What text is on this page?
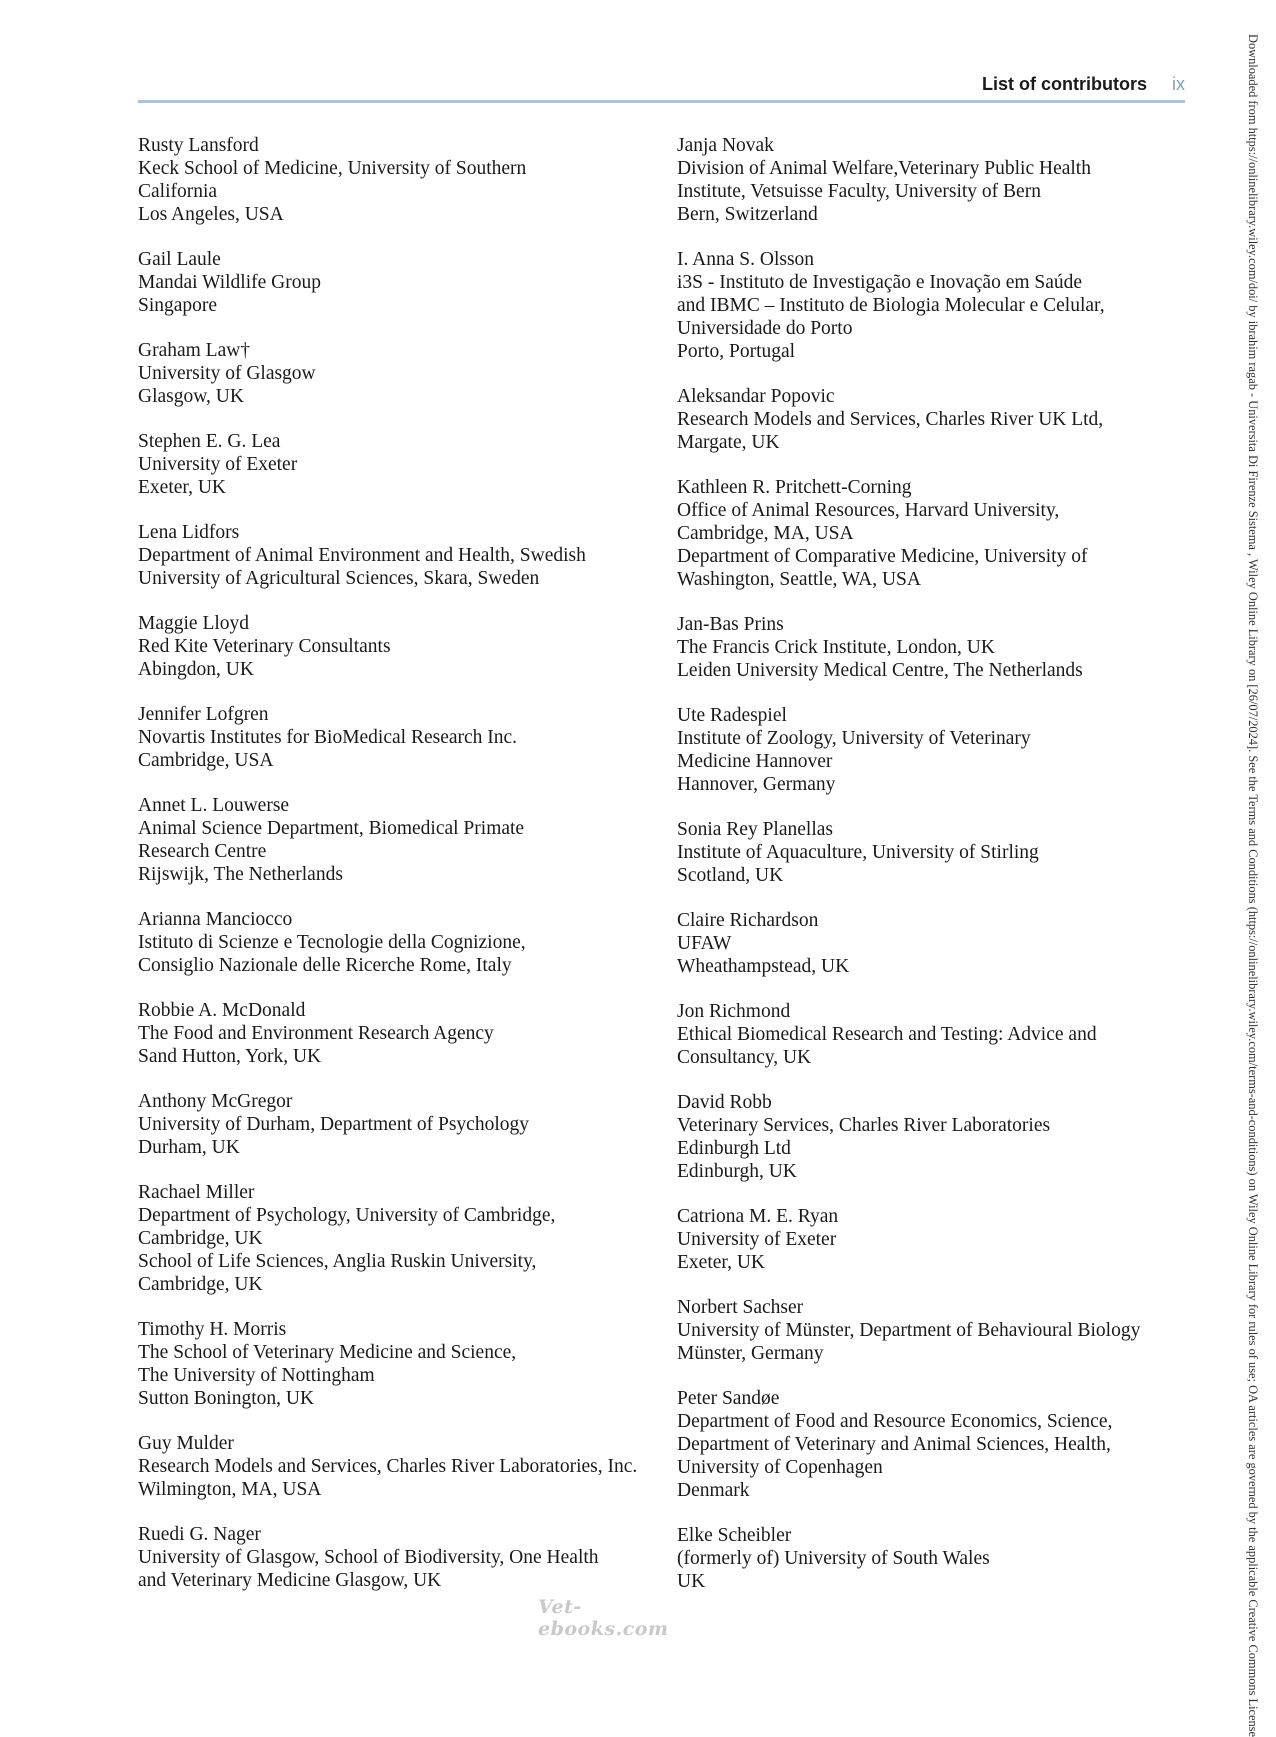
List of contributors ix
Rusty Lansford
Keck School of Medicine, University of Southern
California
Los Angeles, USA
Gail Laule
Mandai Wildlife Group
Singapore
Graham Law†
University of Glasgow
Glasgow, UK
Stephen E. G. Lea
University of Exeter
Exeter, UK
Lena Lidfors
Department of Animal Environment and Health, Swedish
University of Agricultural Sciences, Skara, Sweden
Maggie Lloyd
Red Kite Veterinary Consultants
Abingdon, UK
Jennifer Lofgren
Novartis Institutes for BioMedical Research Inc.
Cambridge, USA
Annet L. Louwerse
Animal Science Department, Biomedical Primate
Research Centre
Rijswijk, The Netherlands
Arianna Manciocco
Istituto di Scienze e Tecnologie della Cognizione,
Consiglio Nazionale delle Ricerche Rome, Italy
Robbie A. McDonald
The Food and Environment Research Agency
Sand Hutton, York, UK
Anthony McGregor
University of Durham, Department of Psychology
Durham, UK
Rachael Miller
Department of Psychology, University of Cambridge,
Cambridge, UK
School of Life Sciences, Anglia Ruskin University,
Cambridge, UK
Timothy H. Morris
The School of Veterinary Medicine and Science,
The University of Nottingham
Sutton Bonington, UK
Guy Mulder
Research Models and Services, Charles River Laboratories, Inc.
Wilmington, MA, USA
Ruedi G. Nager
University of Glasgow, School of Biodiversity, One Health
and Veterinary Medicine Glasgow, UK
Janja Novak
Division of Animal Welfare,Veterinary Public Health
Institute, Vetsuisse Faculty, University of Bern
Bern, Switzerland
I. Anna S. Olsson
i3S - Instituto de Investigação e Inovação em Saúde
and IBMC – Instituto de Biologia Molecular e Celular,
Universidade do Porto
Porto, Portugal
Aleksandar Popovic
Research Models and Services, Charles River UK Ltd,
Margate, UK
Kathleen R. Pritchett-Corning
Office of Animal Resources, Harvard University,
Cambridge, MA, USA
Department of Comparative Medicine, University of
Washington, Seattle, WA, USA
Jan-Bas Prins
The Francis Crick Institute, London, UK
Leiden University Medical Centre, The Netherlands
Ute Radespiel
Institute of Zoology, University of Veterinary
Medicine Hannover
Hannover, Germany
Sonia Rey Planellas
Institute of Aquaculture, University of Stirling
Scotland, UK
Claire Richardson
UFAW
Wheathampstead, UK
Jon Richmond
Ethical Biomedical Research and Testing: Advice and
Consultancy, UK
David Robb
Veterinary Services, Charles River Laboratories
Edinburgh Ltd
Edinburgh, UK
Catriona M. E. Ryan
University of Exeter
Exeter, UK
Norbert Sachser
University of Münster, Department of Behavioural Biology
Münster, Germany
Peter Sandøe
Department of Food and Resource Economics, Science,
Department of Veterinary and Animal Sciences, Health,
University of Copenhagen
Denmark
Elke Scheibler
(formerly of) University of South Wales
UK	Downloaded from https://onlinelibrary.wiley.com/doi/ by ibrahim ragab - Universita Di Firenze Sistema , Wiley Online Library on [26/07/2024]. See the Terms and Conditions (https://onlinelibrary.wiley.com/terms-and-conditions) on Wiley Online Library for rules of use; OA articles are governed by the applicable Creative Commons License
Vet-ebooks.com
